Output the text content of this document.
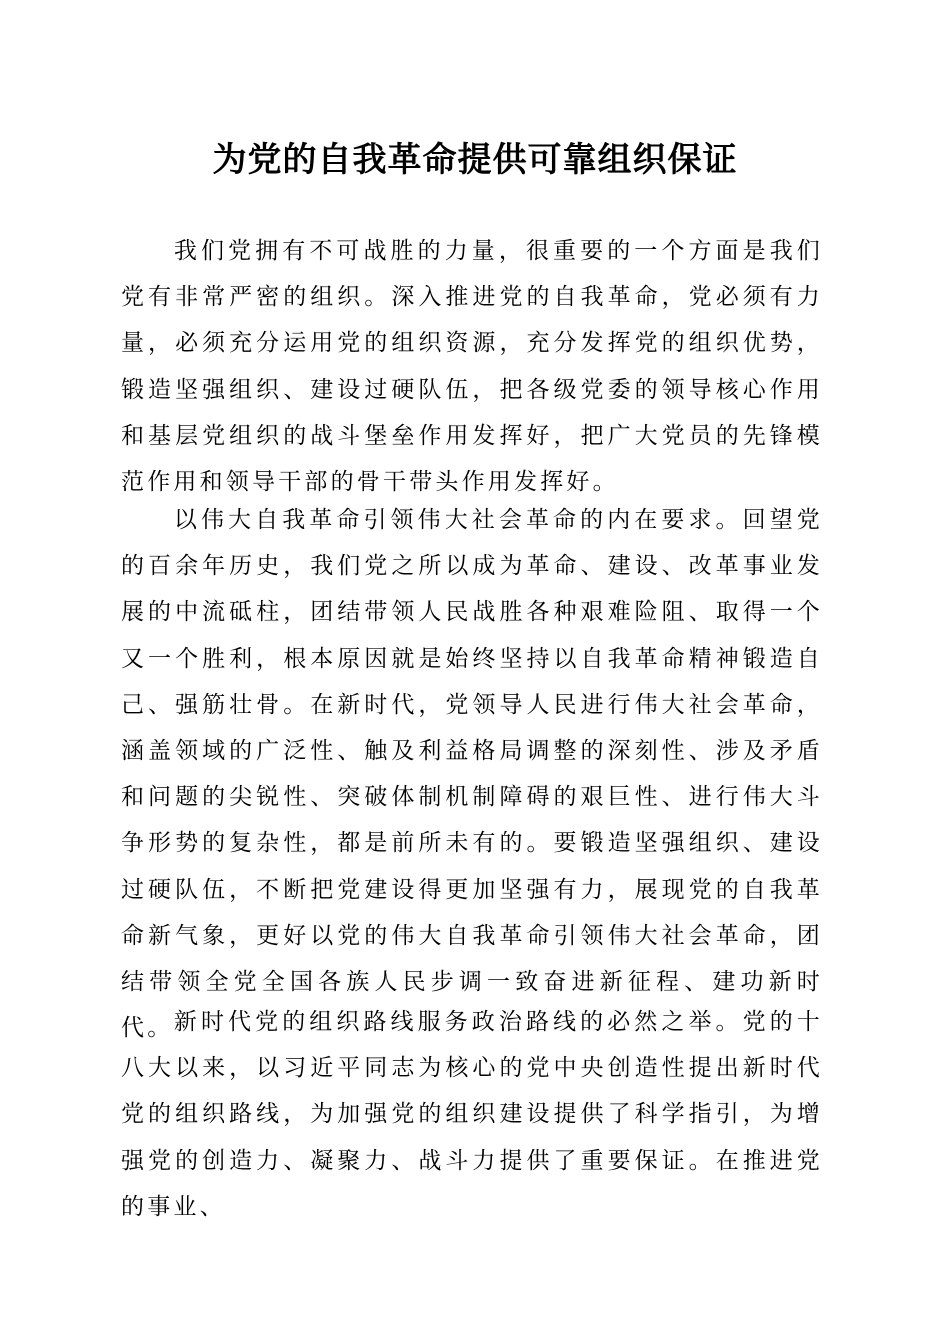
为党的自我革命提供可靠组织保证

我们党拥有不可战胜的力量，很重要的一个方面是我们党有非常严密的组织。深入推进党的自我革命，党必须有力量，必须充分运用党的组织资源，充分发挥党的组织优势，锻造坚强组织、建设过硬队伍，把各级党委的领导核心作用和基层党组织的战斗堡垒作用发挥好，把广大党员的先锋模范作用和领导干部的骨干带头作用发挥好。

以伟大自我革命引领伟大社会革命的内在要求。回望党的百余年历史，我们党之所以成为革命、建设、改革事业发展的中流砥柱，团结带领人民战胜各种艰难险阻、取得一个又一个胜利，根本原因就是始终坚持以自我革命精神锻造自己、强筋壮骨。在新时代，党领导人民进行伟大社会革命，涵盖领域的广泛性、触及利益格局调整的深刻性、涉及矛盾和问题的尖锐性、突破体制机制障碍的艰巨性、进行伟大斗争形势的复杂性，都是前所未有的。要锻造坚强组织、建设过硬队伍，不断把党建设得更加坚强有力，展现党的自我革命新气象，更好以党的伟大自我革命引领伟大社会革命，团结带领全党全国各族人民步调一致奋进新征程、建功新时代。 新时代党的组织路线服务政治路线的必然之举。党的十八大以来，以习近平同志为核心的党中央创造性提出新时代党的组织路线，为加强党的组织建设提供了科学指引，为增强党的创造力、凝聚力、战斗力提供了重要保证。在推进党的事业、
